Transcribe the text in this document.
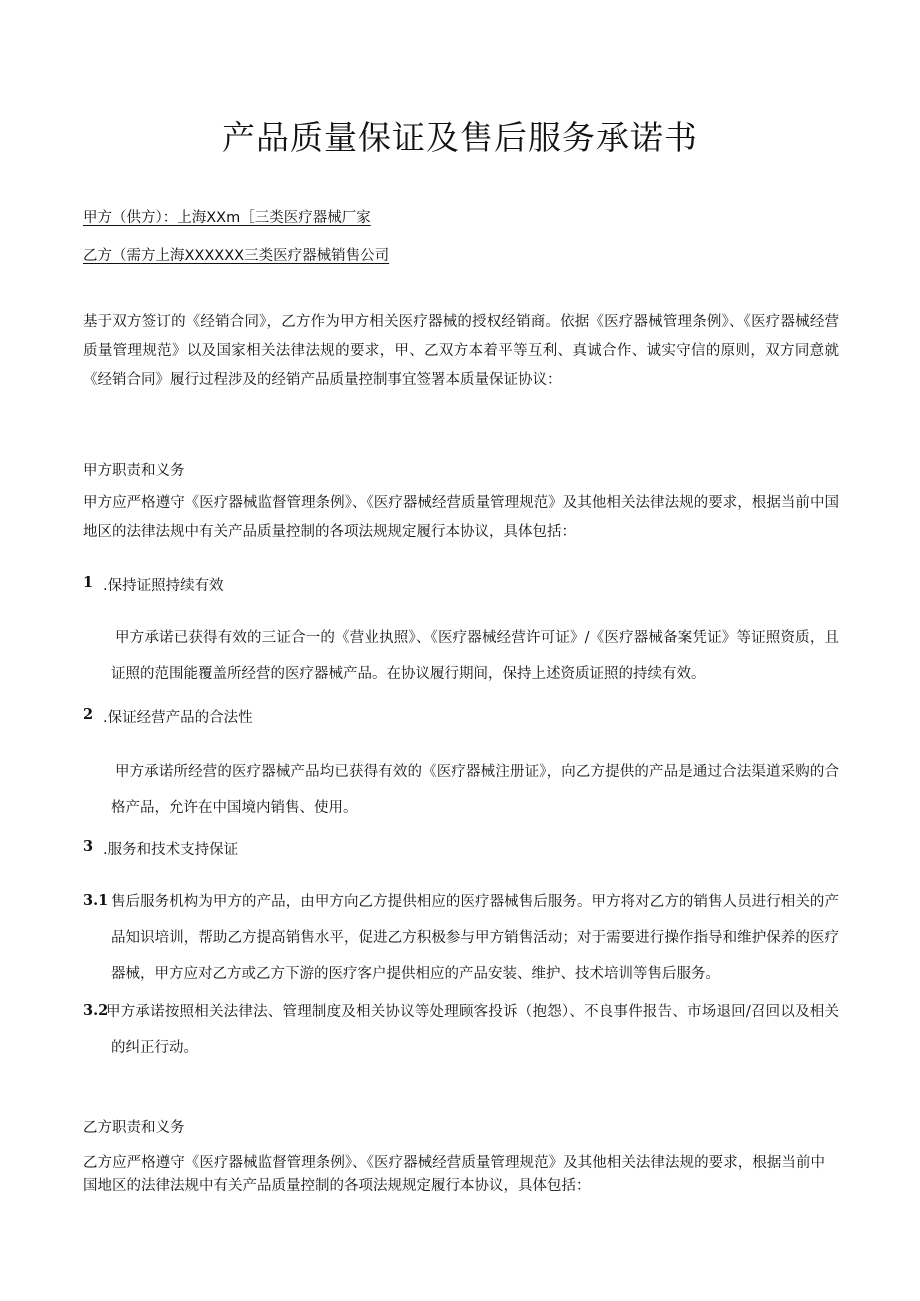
产品质量保证及售后服务承诺书
甲方（供方）：上海XXm［三类医疗器械厂家
乙方（需方上海XXXXXX三类医疗器械销售公司
基于双方签订的《经销合同》，乙方作为甲方相关医疗器械的授权经销商。依据《医疗器械管理条例》、《医疗器械经营质量管理规范》以及国家相关法律法规的要求，甲、乙双方本着平等互利、真诚合作、诚实守信的原则，双方同意就《经销合同》履行过程涉及的经销产品质量控制事宜签署本质量保证协议：
甲方职责和义务
甲方应严格遵守《医疗器械监督管理条例》、《医疗器械经营质量管理规范》及其他相关法律法规的要求，根据当前中国地区的法律法规中有关产品质量控制的各项法规规定履行本协议，具体包括：
1 .保持证照持续有效
甲方承诺已获得有效的三证合一的《营业执照》、《医疗器械经营许可证》/《医疗器械备案凭证》等证照资质，且证照的范围能覆盖所经营的医疗器械产品。在协议履行期间，保持上述资质证照的持续有效。
2 .保证经营产品的合法性
甲方承诺所经营的医疗器械产品均已获得有效的《医疗器械注册证》，向乙方提供的产品是通过合法渠道采购的合格产品，允许在中国境内销售、使用。
3 .服务和技术支持保证
3.1 售后服务机构为甲方的产品，由甲方向乙方提供相应的医疗器械售后服务。甲方将对乙方的销售人员进行相关的产品知识培训，帮助乙方提高销售水平，促进乙方积极参与甲方销售活动；对于需要进行操作指导和维护保养的医疗器械，甲方应对乙方或乙方下游的医疗客户提供相应的产品安装、维护、技术培训等售后服务。
3.2
甲方承诺按照相关法律法、管理制度及相关协议等处理顾客投诉（抱怨）、不良事件报告、市场退回/召回以及相关的纠正行动。
乙方职责和义务
乙方应严格遵守《医疗器械监督管理条例》、《医疗器械经营质量管理规范》及其他相关法律法规的要求，根据当前中国地区的法律法规中有关产品质量控制的各项法规规定履行本协议，具体包括：
